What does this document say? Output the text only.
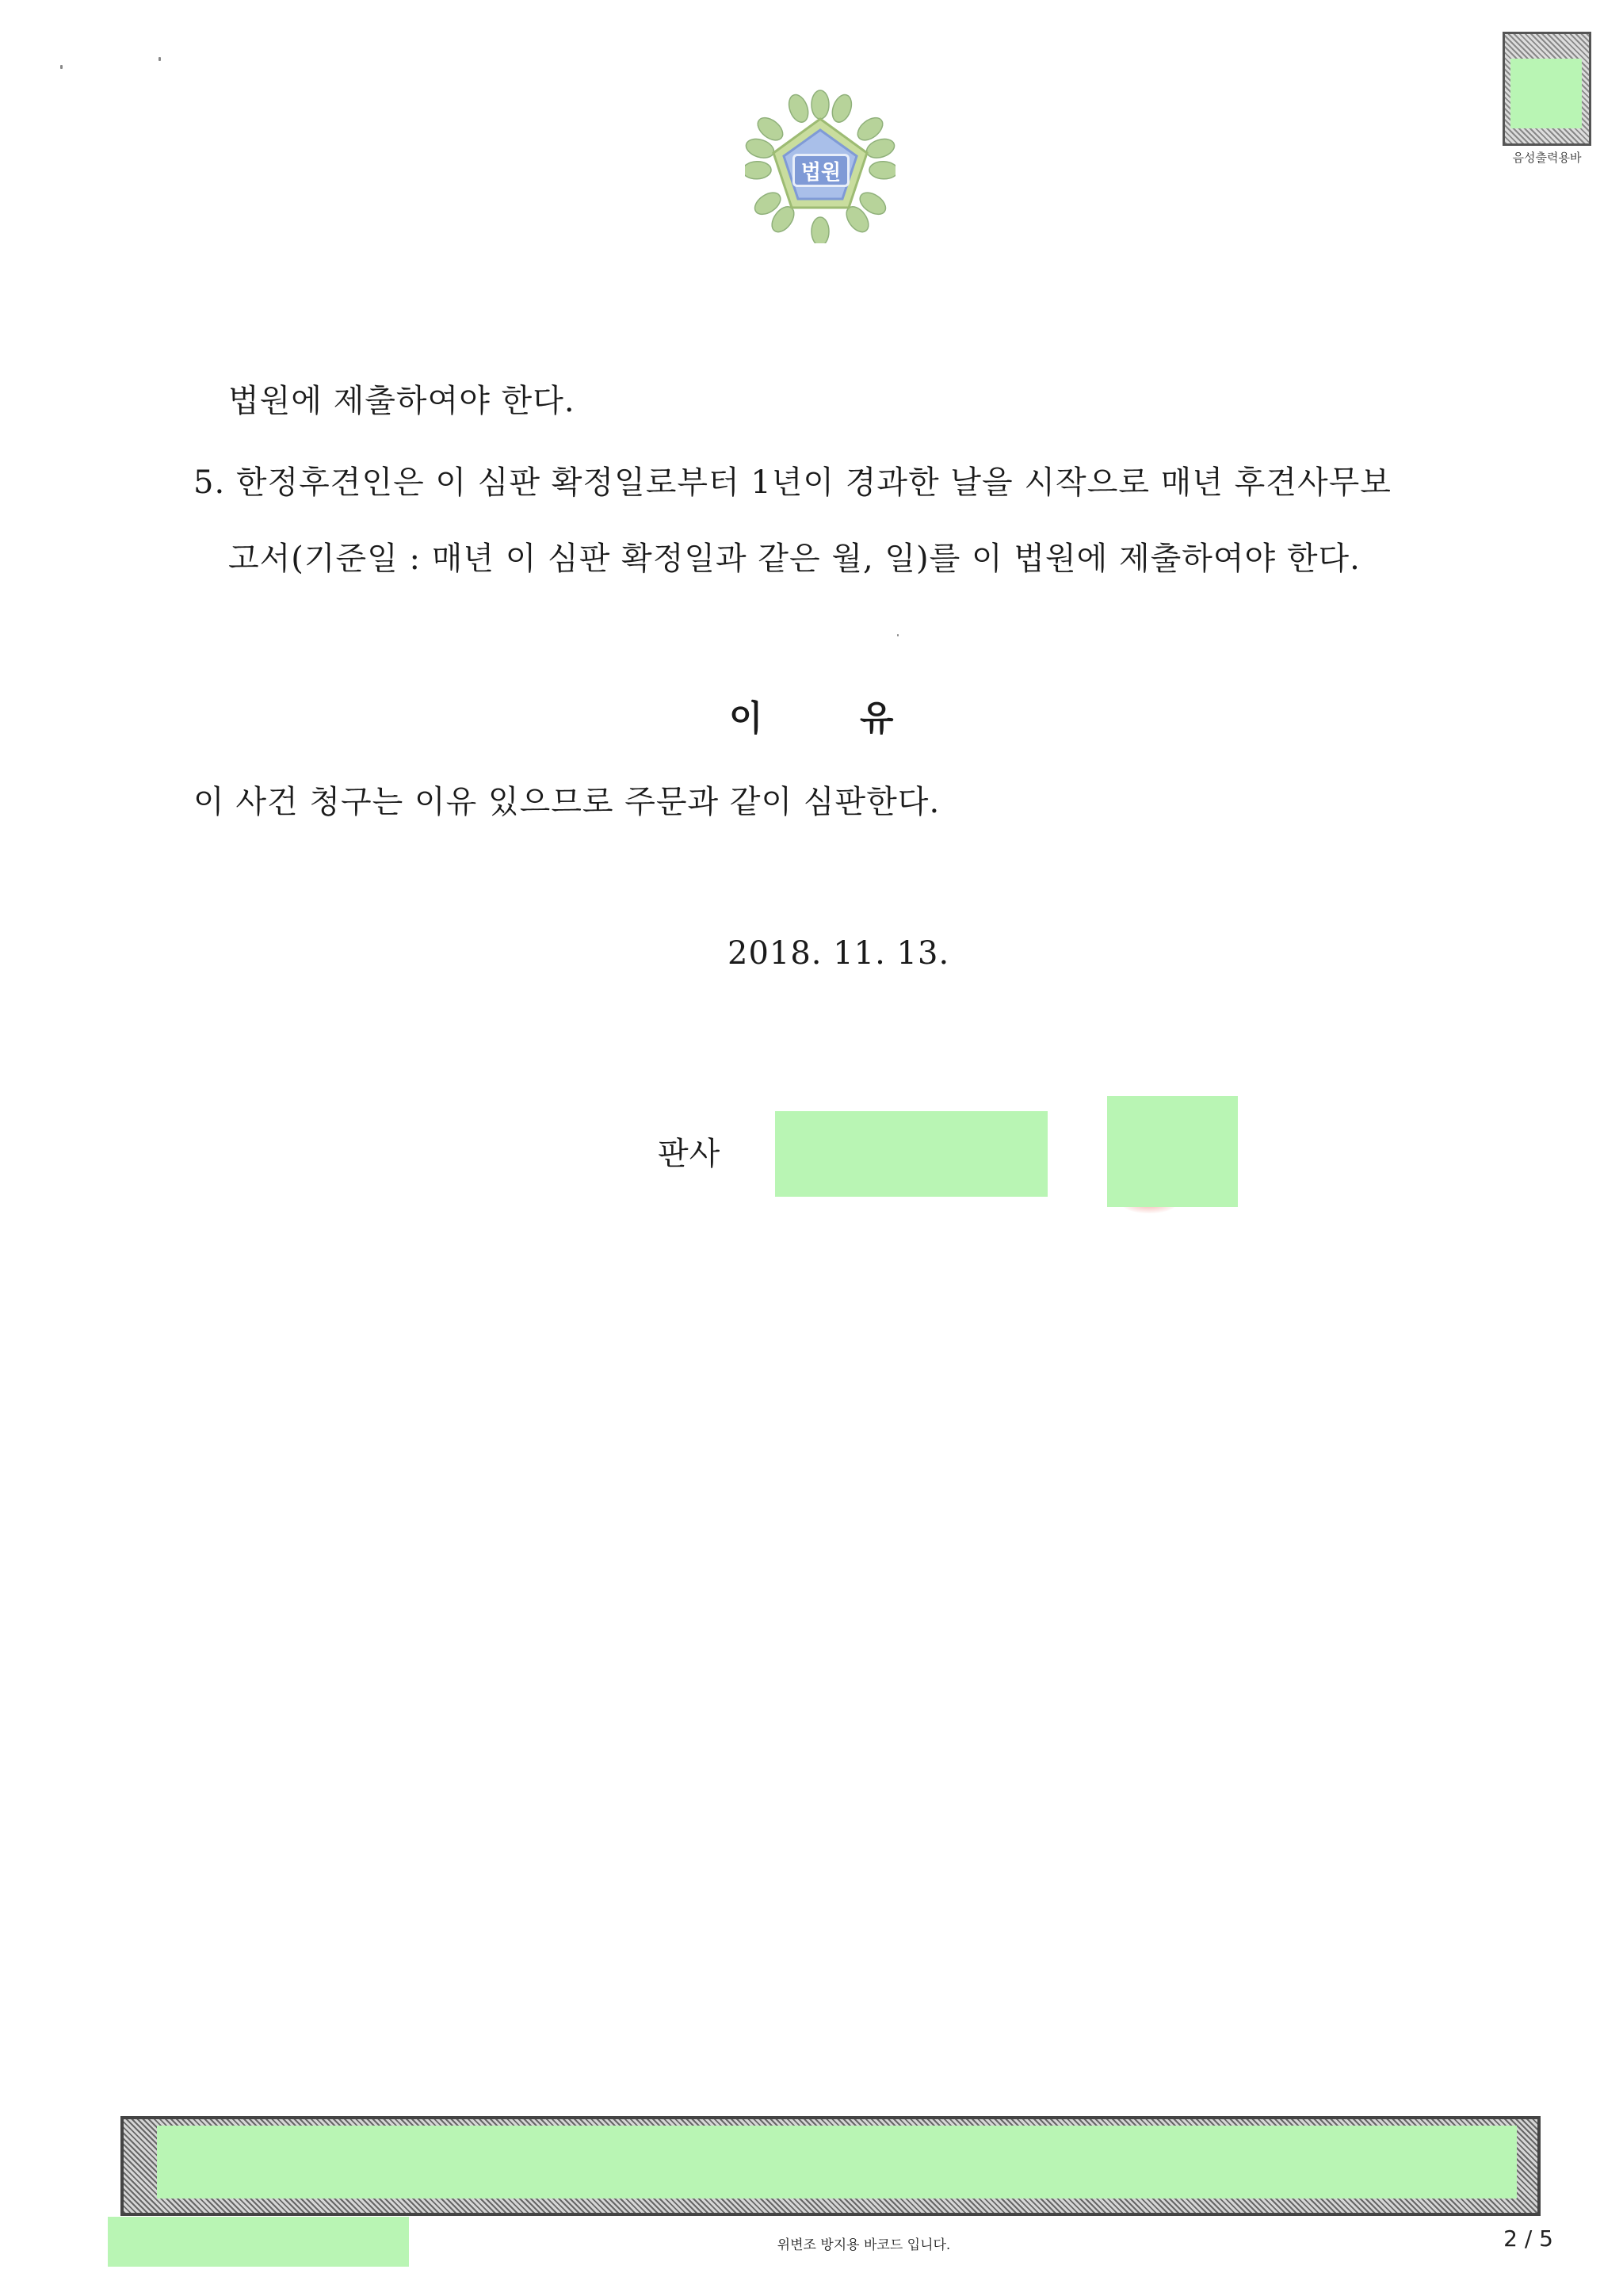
법원
음성출력용바
법원에 제출하여야 한다.
5. 한정후견인은 이 심판 확정일로부터 1년이 경과한 날을 시작으로 매년 후견사무보
고서(기준일 : 매년 이 심판 확정일과 같은 월, 일)를 이 법원에 제출하여야 한다.
이        유
이 사건 청구는 이유 있으므로 주문과 같이 심판한다.
2018. 11. 13.
판사
위변조 방지용 바코드 입니다.	2 / 5
